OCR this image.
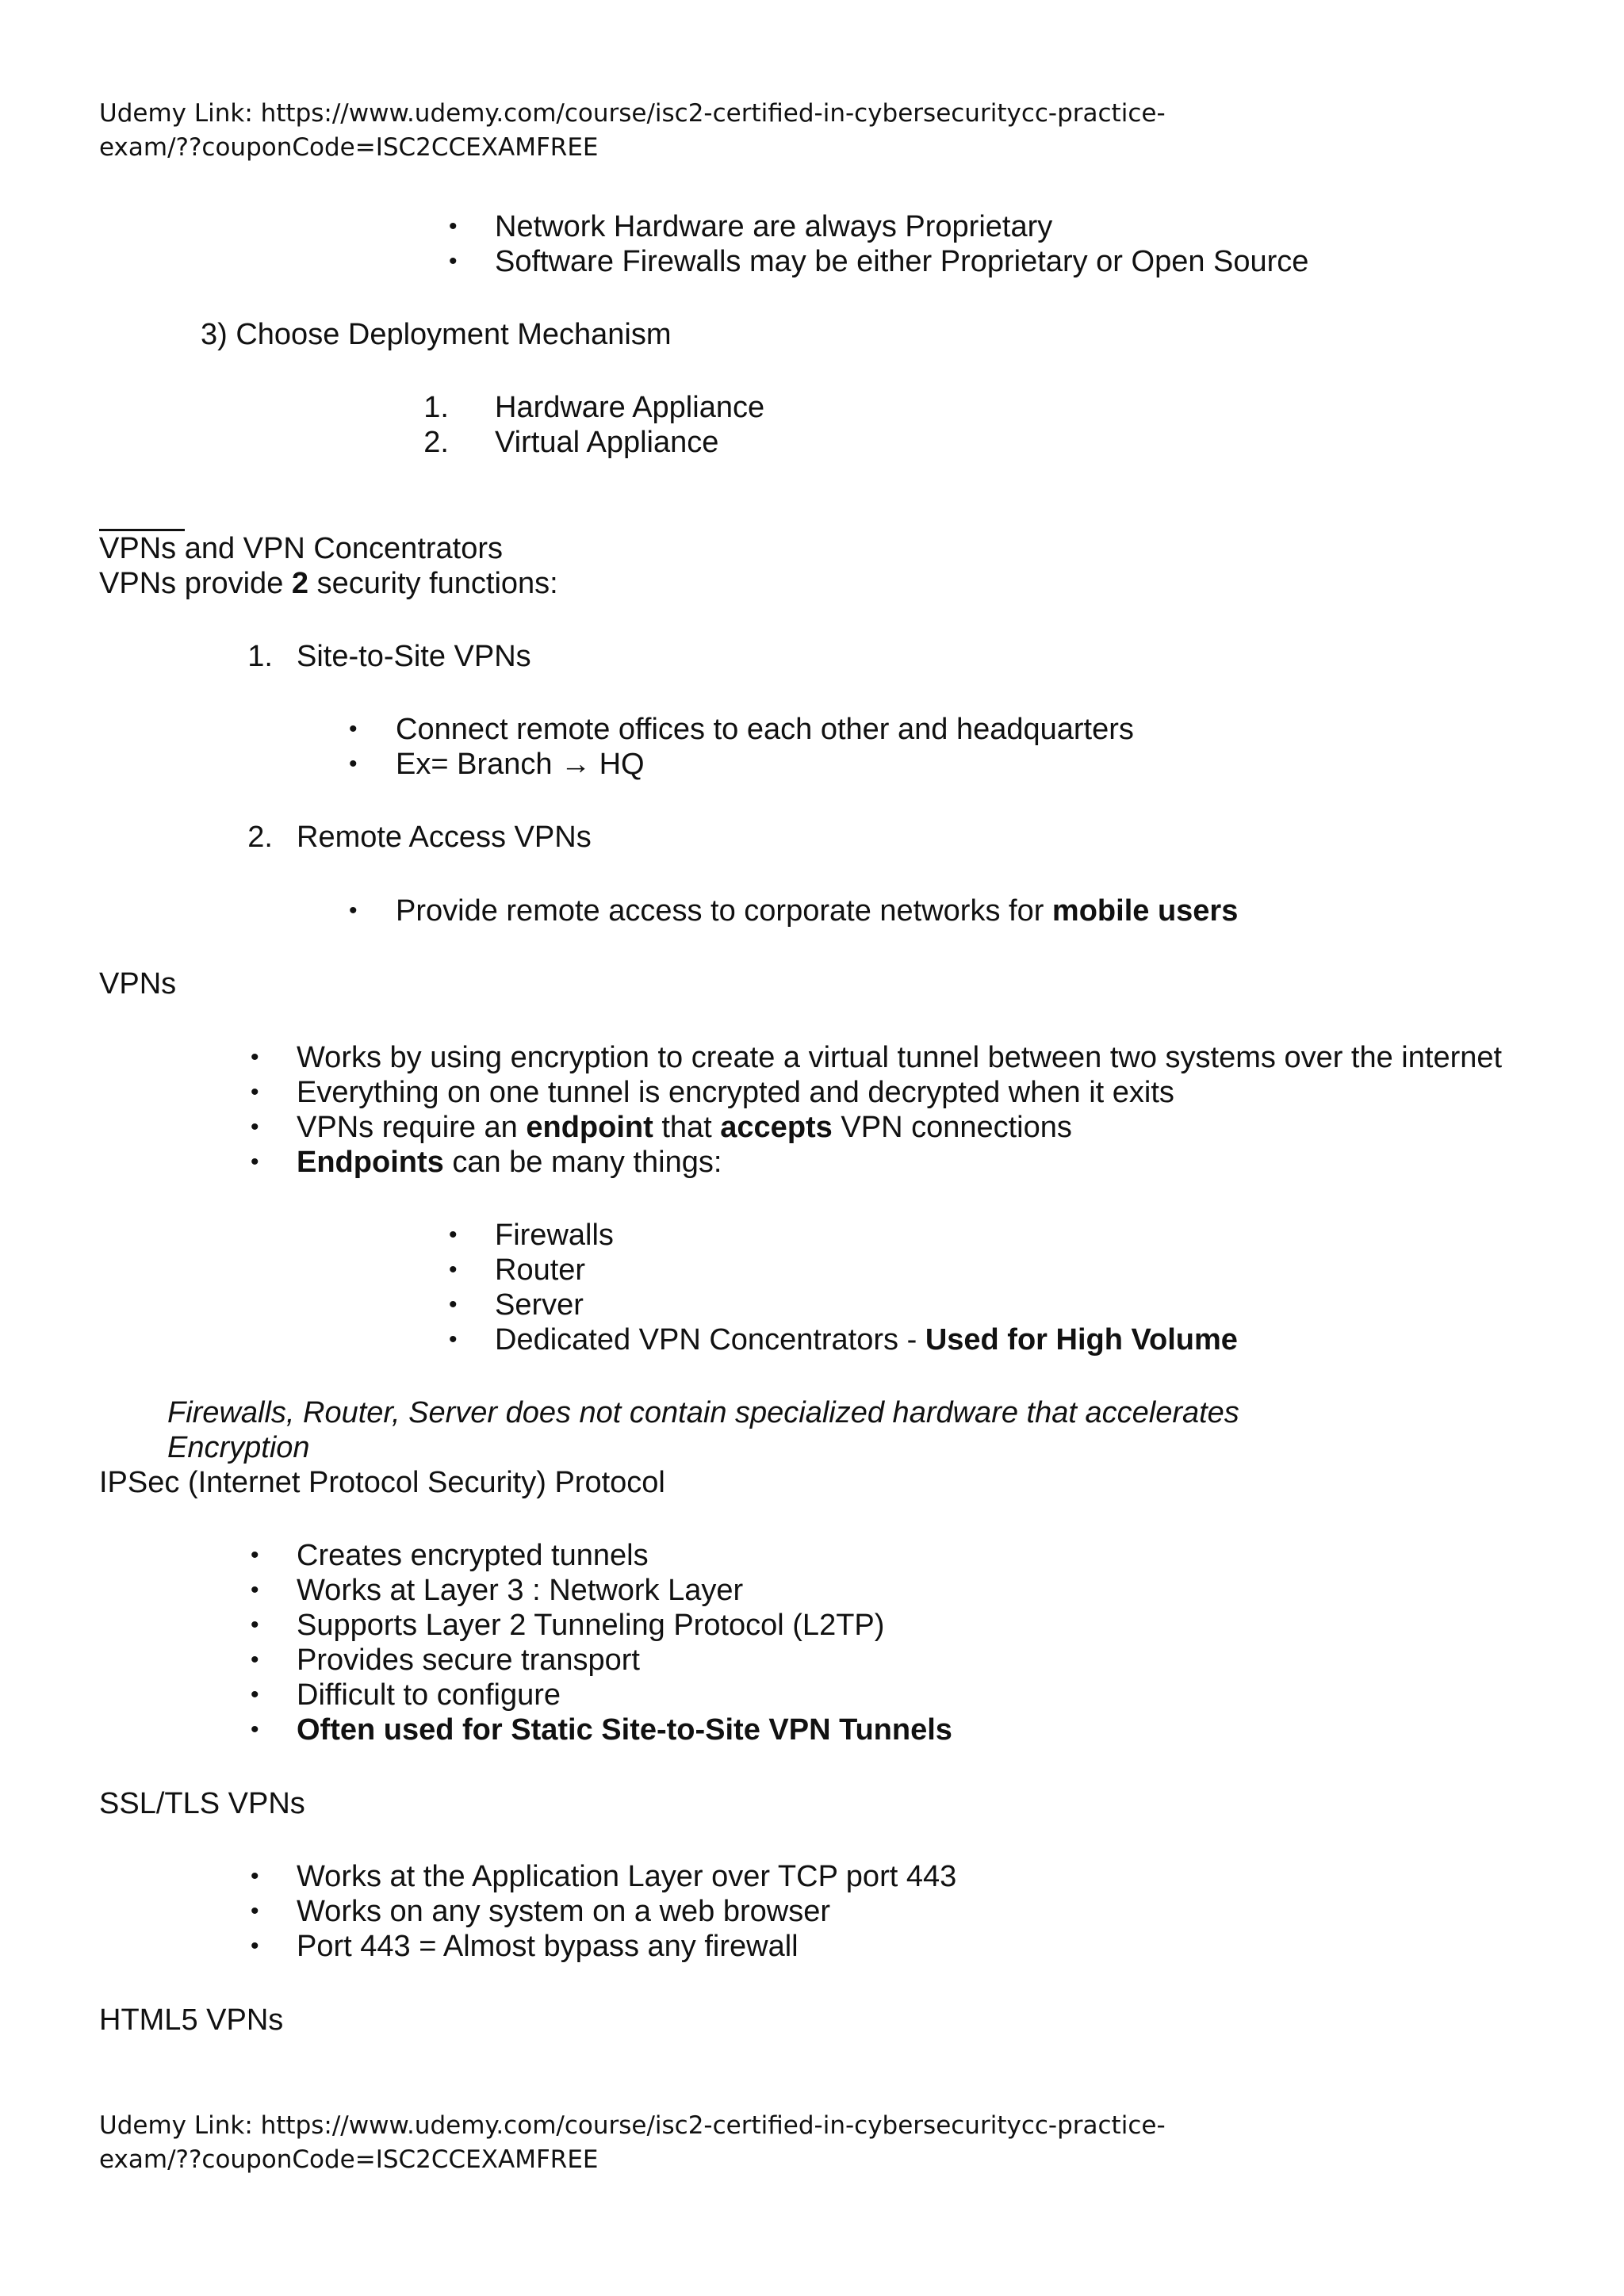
Udemy Link: https://www.udemy.com/course/isc2-certified-in-cybersecuritycc-practice-
exam/??couponCode=ISC2CCEXAMFREE
• Network Hardware are always Proprietary
• Software Firewalls may be either Proprietary or Open Source
3) Choose Deployment Mechanism
1. Hardware Appliance
2. Virtual Appliance
VPNs and VPN Concentrators
VPNs provide 2 security functions:
1. Site-to-Site VPNs
• Connect remote offices to each other and headquarters
• Ex= Branch → HQ
2. Remote Access VPNs
• Provide remote access to corporate networks for mobile users
VPNs
• Works by using encryption to create a virtual tunnel between two systems over the internet
• Everything on one tunnel is encrypted and decrypted when it exits
• VPNs require an endpoint that accepts VPN connections
• Endpoints can be many things:
• Firewalls
• Router
• Server
• Dedicated VPN Concentrators - Used for High Volume
Firewalls, Router, Server does not contain specialized hardware that accelerates
Encryption
IPSec (Internet Protocol Security) Protocol
• Creates encrypted tunnels
• Works at Layer 3 : Network Layer
• Supports Layer 2 Tunneling Protocol (L2TP)
• Provides secure transport
• Difficult to configure
• Often used for Static Site-to-Site VPN Tunnels
SSL/TLS VPNs
• Works at the Application Layer over TCP port 443
• Works on any system on a web browser
• Port 443 = Almost bypass any firewall
HTML5 VPNs
Udemy Link: https://www.udemy.com/course/isc2-certified-in-cybersecuritycc-practice-
exam/??couponCode=ISC2CCEXAMFREE
